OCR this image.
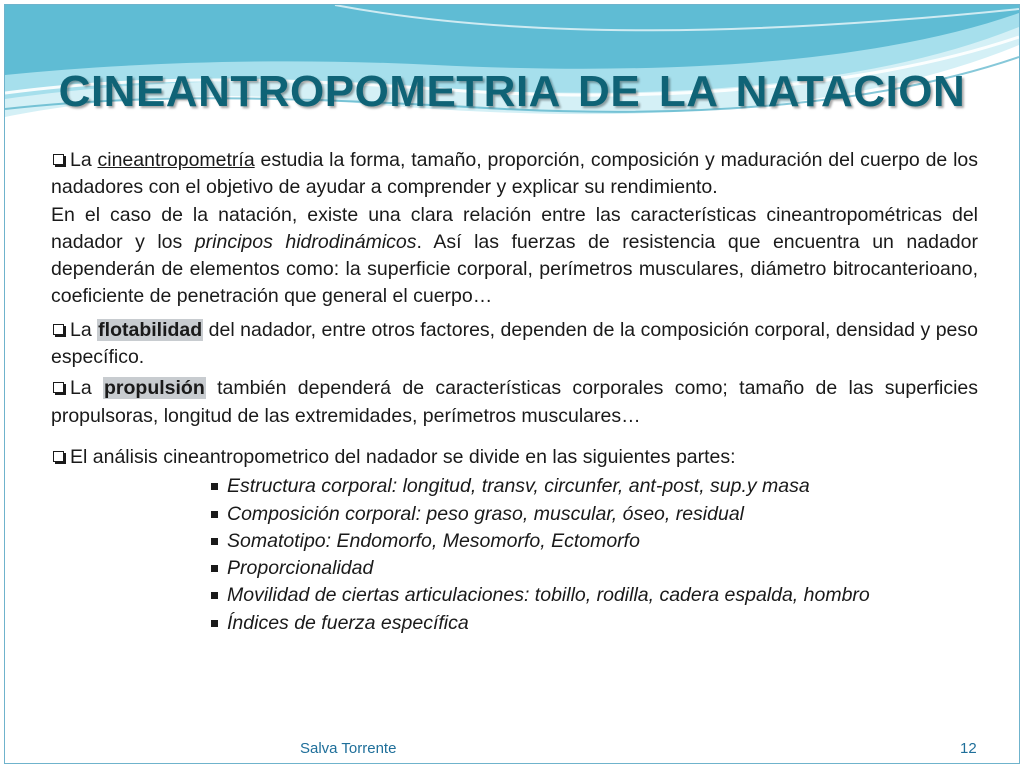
CINEANTROPOMETRIA DE LA NATACION

La cineantropometría estudia la forma, tamaño, proporción, composición y maduración del cuerpo de los nadadores con el objetivo de ayudar a comprender y explicar su rendimiento.

En el caso de la natación, existe una clara relación entre las características cineantropométricas del nadador y los principos hidrodinámicos. Así las fuerzas de resistencia que encuentra un nadador dependerán de elementos como: la superficie corporal, perímetros musculares, diámetro bitrocanterioano, coeficiente de penetración que general el cuerpo…

La flotabilidad del nadador, entre otros factores, dependen de la composición corporal, densidad y peso específico.

La propulsión también dependerá de características corporales como; tamaño de las superficies propulsoras, longitud de las extremidades, perímetros musculares…

El análisis cineantropometrico del nadador se divide en las siguientes partes:

Estructura corporal: longitud, transv, circunfer, ant-post, sup.y masa
Composición corporal: peso graso, muscular, óseo, residual
Somatotipo: Endomorfo, Mesomorfo, Ectomorfo
Proporcionalidad
Movilidad de ciertas articulaciones: tobillo, rodilla, cadera espalda, hombro
Índices de fuerza específica
Salva Torrente	12
